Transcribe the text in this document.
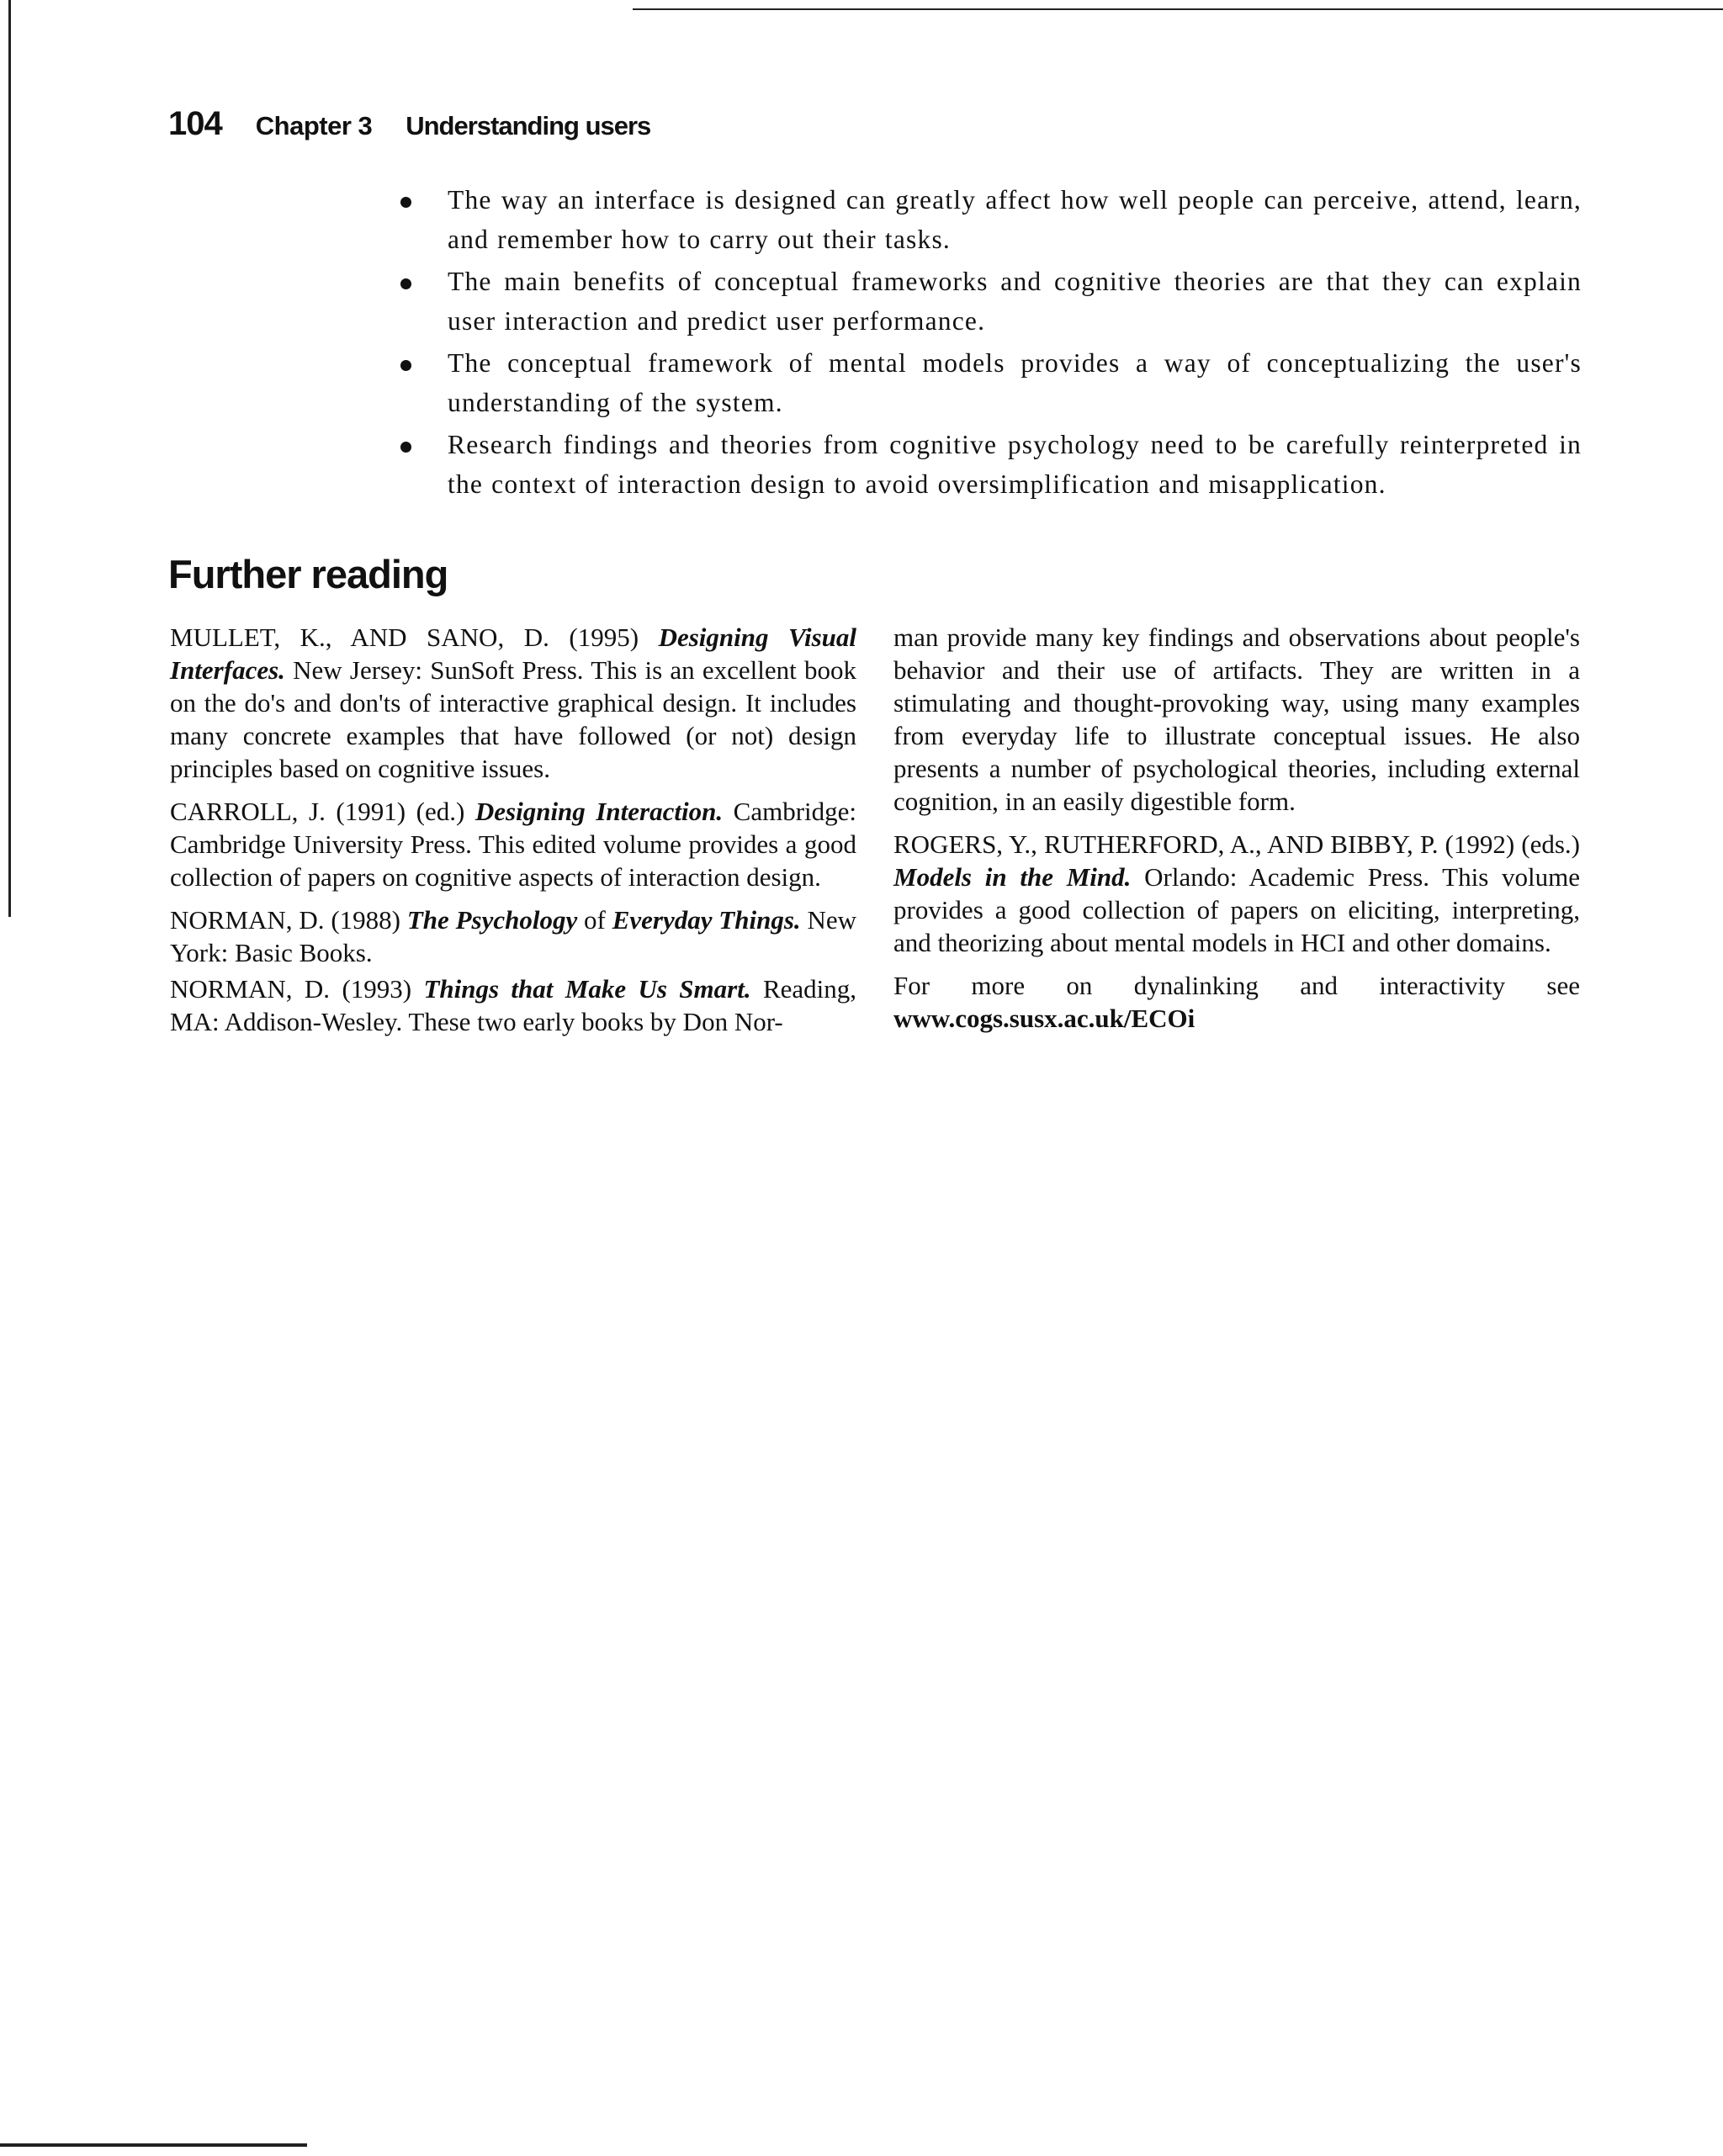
104 Chapter 3 Understanding users
The way an interface is designed can greatly affect how well people can perceive, attend, learn, and remember how to carry out their tasks.
The main benefits of conceptual frameworks and cognitive theories are that they can explain user interaction and predict user performance.
The conceptual framework of mental models provides a way of conceptualizing the user's understanding of the system.
Research findings and theories from cognitive psychology need to be carefully reinterpreted in the context of interaction design to avoid oversimplification and misapplication.
Further reading

MULLET, K., AND SANO, D. (1995) Designing Visual Interfaces. New Jersey: SunSoft Press. This is an excellent book on the do's and don'ts of interactive graphical design. It includes many concrete examples that have followed (or not) design principles based on cognitive issues.

CARROLL, J. (1991) (ed.) Designing Interaction. Cambridge: Cambridge University Press. This edited volume provides a good collection of papers on cognitive aspects of interaction design.

NORMAN, D. (1988) The Psychology of Everyday Things. New York: Basic Books.

NORMAN, D. (1993) Things that Make Us Smart. Reading, MA: Addison-Wesley. These two early books by Don Nor-

man provide many key findings and observations about people's behavior and their use of artifacts. They are written in a stimulating and thought-provoking way, using many examples from everyday life to illustrate conceptual issues. He also presents a number of psychological theories, including external cognition, in an easily digestible form.

ROGERS, Y., RUTHERFORD, A., AND BIBBY, P. (1992) (eds.) Models in the Mind. Orlando: Academic Press. This volume provides a good collection of papers on eliciting, interpreting, and theorizing about mental models in HCI and other domains.

For more on dynalinking and interactivity see

www.cogs.susx.ac.uk/ECOi
